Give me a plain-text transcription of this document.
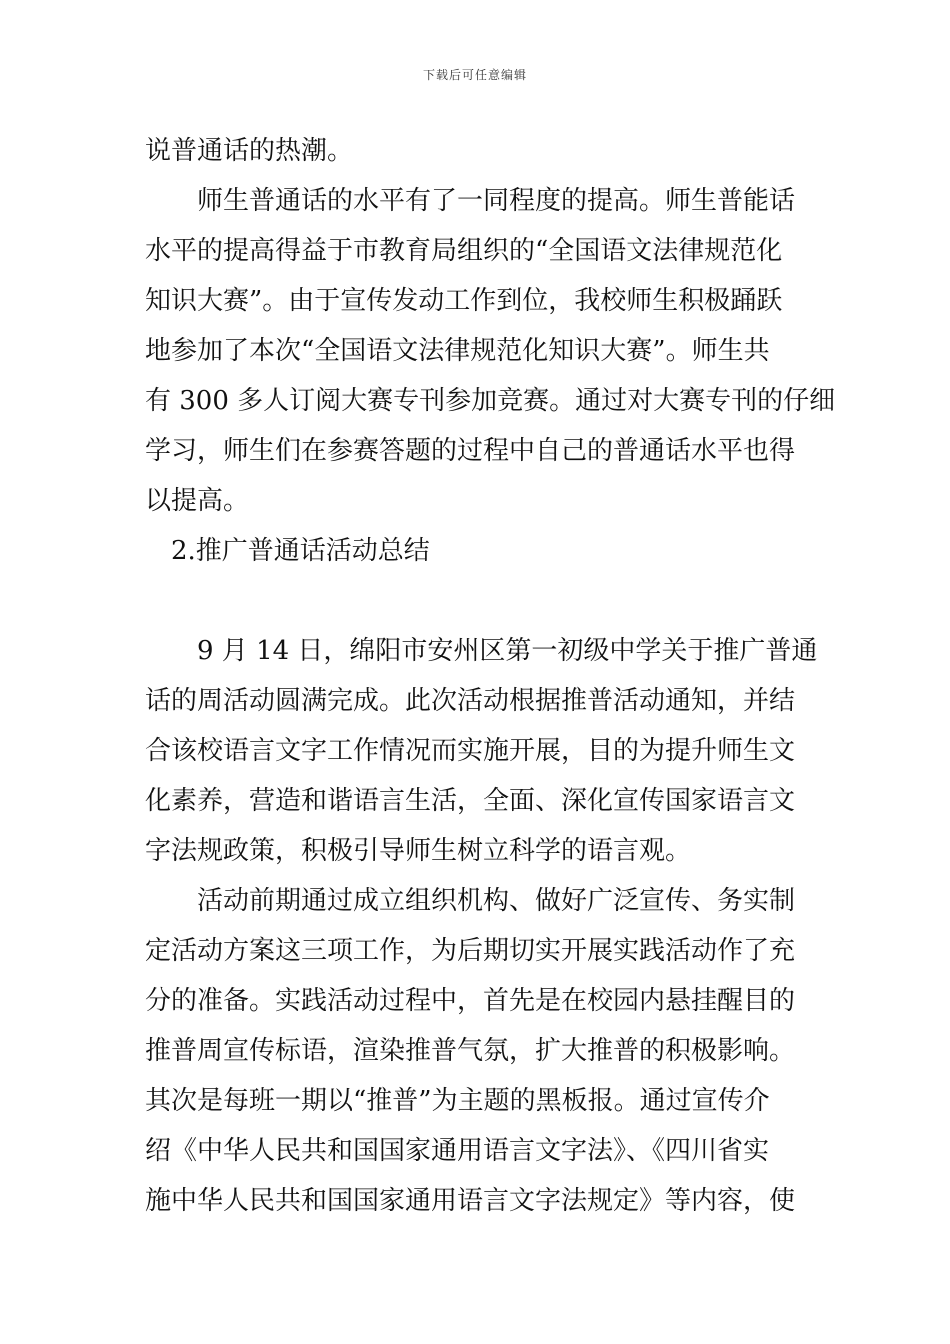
下载后可任意编辑
说普通话的热潮。
师生普通话的水平有了一同程度的提高。师生普能话
水平的提高得益于市教育局组织的“全国语文法律规范化
知识大赛”。由于宣传发动工作到位，我校师生积极踊跃
地参加了本次“全国语文法律规范化知识大赛”。师生共
有 300 多人订阅大赛专刊参加竞赛。通过对大赛专刊的仔细
学习，师生们在参赛答题的过程中自己的普通话水平也得
以提高。
2.推广普通话活动总结
9 月 14 日，绵阳市安州区第一初级中学关于推广普通
话的周活动圆满完成。此次活动根据推普活动通知，并结
合该校语言文字工作情况而实施开展，目的为提升师生文
化素养，营造和谐语言生活，全面、深化宣传国家语言文
字法规政策，积极引导师生树立科学的语言观。
活动前期通过成立组织机构、做好广泛宣传、务实制
定活动方案这三项工作，为后期切实开展实践活动作了充
分的准备。实践活动过程中，首先是在校园内悬挂醒目的
推普周宣传标语，渲染推普气氛，扩大推普的积极影响。
其次是每班一期以“推普”为主题的黑板报。通过宣传介
绍《中华人民共和国国家通用语言文字法》、《四川省实
施中华人民共和国国家通用语言文字法规定》等内容，使
